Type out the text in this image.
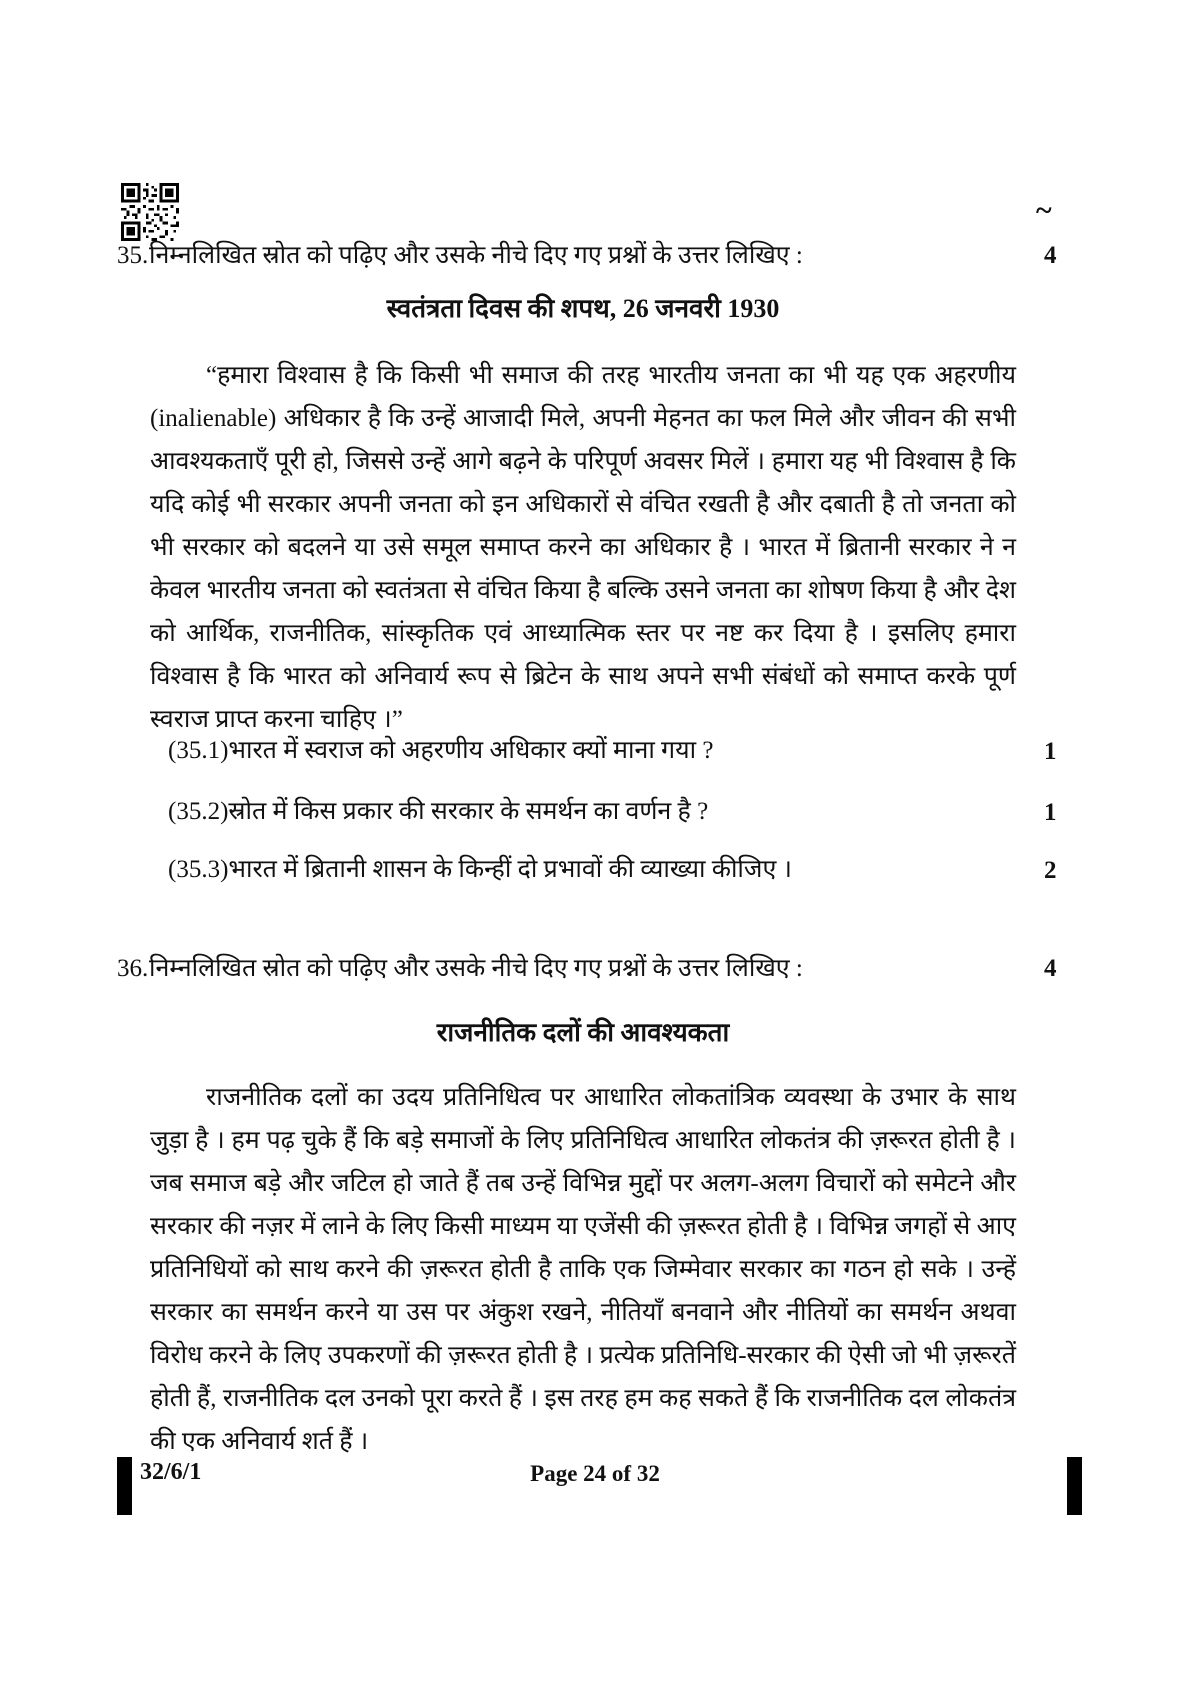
~
35. निम्नलिखित स्रोत को पढ़िए और उसके नीचे दिए गए प्रश्नों के उत्तर लिखिए :	4
स्वतंत्रता दिवस की शपथ, 26 जनवरी 1930

“हमारा विश्वास है कि किसी भी समाज की तरह भारतीय जनता का भी यह एक अहरणीय (inalienable) अधिकार है कि उन्हें आजादी मिले, अपनी मेहनत का फल मिले और जीवन की सभी आवश्यकताएँ पूरी हो, जिससे उन्हें आगे बढ़ने के परिपूर्ण अवसर मिलें । हमारा यह भी विश्वास है कि यदि कोई भी सरकार अपनी जनता को इन अधिकारों से वंचित रखती है और दबाती है तो जनता को भी सरकार को बदलने या उसे समूल समाप्त करने का अधिकार है । भारत में ब्रितानी सरकार ने न केवल भारतीय जनता को स्वतंत्रता से वंचित किया है बल्कि उसने जनता का शोषण किया है और देश को आर्थिक, राजनीतिक, सांस्कृतिक एवं आध्यात्मिक स्तर पर नष्ट कर दिया है । इसलिए हमारा विश्वास है कि भारत को अनिवार्य रूप से ब्रिटेन के साथ अपने सभी संबंधों को समाप्त करके पूर्ण स्वराज प्राप्त करना चाहिए ।”

(35.1) भारत में स्वराज को अहरणीय अधिकार क्यों माना गया ?	1
(35.2) स्रोत में किस प्रकार की सरकार के समर्थन का वर्णन है ?	1
(35.3) भारत में ब्रितानी शासन के किन्हीं दो प्रभावों की व्याख्या कीजिए ।	2
36. निम्नलिखित स्रोत को पढ़िए और उसके नीचे दिए गए प्रश्नों के उत्तर लिखिए :	4
राजनीतिक दलों की आवश्यकता

राजनीतिक दलों का उदय प्रतिनिधित्व पर आधारित लोकतांत्रिक व्यवस्था के उभार के साथ जुड़ा है । हम पढ़ चुके हैं कि बड़े समाजों के लिए प्रतिनिधित्व आधारित लोकतंत्र की ज़रूरत होती है । जब समाज बड़े और जटिल हो जाते हैं तब उन्हें विभिन्न मुद्दों पर अलग-अलग विचारों को समेटने और सरकार की नज़र में लाने के लिए किसी माध्यम या एजेंसी की ज़रूरत होती है । विभिन्न जगहों से आए प्रतिनिधियों को साथ करने की ज़रूरत होती है ताकि एक जिम्मेवार सरकार का गठन हो सके । उन्हें सरकार का समर्थन करने या उस पर अंकुश रखने, नीतियाँ बनवाने और नीतियों का समर्थन अथवा विरोध करने के लिए उपकरणों की ज़रूरत होती है । प्रत्येक प्रतिनिधि-सरकार की ऐसी जो भी ज़रूरतें होती हैं, राजनीतिक दल उनको पूरा करते हैं । इस तरह हम कह सकते हैं कि राजनीतिक दल लोकतंत्र की एक अनिवार्य शर्त हैं ।

32/6/1	Page 24 of 32
